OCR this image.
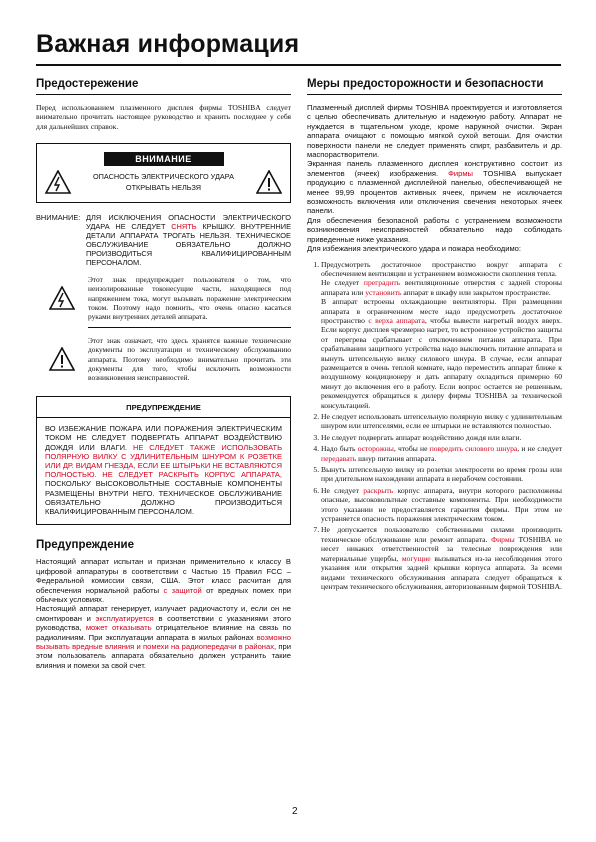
Важная информация
Предостережение

Перед использованием плазменного дисплея фирмы TOSHIBA следует внимательно прочитать настоящее руководство и хранить последнее у себя для дальнейших справок.

ВНИМАНИЕ
ОПАСНОСТЬ ЭЛЕКТРИЧЕСКОГО УДАРА
ОТКРЫВАТЬ НЕЛЬЗЯ
ВНИМАНИЕ: ДЛЯ ИСКЛЮЧЕНИЯ ОПАСНОСТИ ЭЛЕКТРИЧЕСКОГО УДАРА НЕ СЛЕДУЕТ СНЯТЬ КРЫШКУ. ВНУТРЕННИЕ ДЕТАЛИ АППАРАТА ТРОГАТЬ НЕЛЬЗЯ. ТЕХНИЧЕСКОЕ ОБСЛУЖИВАНИЕ ОБЯЗАТЕЛЬНО ДОЛЖНО ПРОИЗВОДИТЬСЯ КВАЛИФИЦИРОВАННЫМ ПЕРСОНАЛОМ.
Этот знак предупреждает пользователя о том, что неизолированные токонесущие части, находящиеся под напряжением тока, могут вызывать поражение электрическим током. Поэтому надо помнить, что очень опасно касаться руками внутренних деталей аппарата.
Этот знак означает, что здесь хранятся важные технические документы по эксплуатации и техническому обслуживанию аппарата. Поэтому необходимо внимательно прочитать эти документы для того, чтобы исключить возможности возникновения неисправностей.
ПРЕДУПРЕЖДЕНИЕ
ВО ИЗБЕЖАНИЕ ПОЖАРА ИЛИ ПОРАЖЕНИЯ ЭЛЕКТРИЧЕСКИМ ТОКОМ НЕ СЛЕДУЕТ ПОДВЕРГАТЬ АППАРАТ ВОЗДЕЙСТВИЮ ДОЖДЯ ИЛИ ВЛАГИ. НЕ СЛЕДУЕТ ТАКЖЕ ИСПОЛЬЗОВАТЬ ПОЛЯРНУЮ ВИЛКУ С УДЛИНИТЕЛЬНЫМ ШНУРОМ К РОЗЕТКЕ ИЛИ ДР. ВИДАМ ГНЕЗДА, ЕСЛИ ЕЕ ШТЫРЬКИ НЕ ВСТАВЛЯЮТСЯ ПОЛНОСТЬЮ. НЕ СЛЕДУЕТ РАСКРЫТЬ КОРПУС АППАРАТА, ПОСКОЛЬКУ ВЫСОКОВОЛЬТНЫЕ СОСТАВНЫЕ КОМПОНЕНТЫ РАЗМЕЩЕНЫ ВНУТРИ НЕГО. ТЕХНИЧЕСКОЕ ОБСЛУЖИВАНИЕ ОБЯЗАТЕЛЬНО ДОЛЖНО ПРОИЗВОДИТЬСЯ КВАЛИФИЦИРОВАННЫМ ПЕРСОНАЛОМ.
Предупреждение

Настоящий аппарат испытан и признан применительно к классу B цифровой аппаратуры в соответствии с Частью 15 Правил FCC – Федеральной комиссии связи, США. Этот класс расчитан для обеспечения нормальной работы с защитой от вредных помех при обычных условиях.

Настоящий аппарат генерирует, излучает радиочастоту и, если он не смонтирован и эксплуатируется в соответствии с указаниями этого руководства, может отказывать отрицательное влияние на связь по радиолиниям. При эксплуатации аппарата в жилых районах возможно вызывать вредные влияния и помехи на радиопередачи в районах, при этом пользователь аппарата обязательно должен устранить такие влияния и помехи за свой счет.

Меры предосторожности и безопасности

Плазменный дисплей фирмы TOSHIBA проектируется и изготовляется с целью обеспечивать длительную и надежную работу. Аппарат не нуждается в тщательном уходе, кроме наружной очистки. Экран аппарата очищают с помощью мягкой сухой ветоши. Для очистки поверхности панели не следует применять спирт, разбавитель и др. маспорастворители.

Экранная панель плазменного дисплея конструктивно состоит из элементов (ячеек) изображения. Фирмы TOSHIBA выпускает продукцию с плазменной дисплейной панелью, обеспечивающей не менее 99,99 процентов активных ячеек, причем не исключается возможность включения или отключения свечения некоторых ячеек панели.

Для обеспечения безопасной работы с устранением возможности возникновения неисправностей обязательно надо соблюдать приведенные ниже указания.

Для избежания электрического удара и пожара необходимо:

1. Предусмотреть достаточное пространство вокруг аппарата с обеспечением вентиляции и устранением возможности скопления тепла.
Не следует преградить вентиляционные отверстия с задней стороны аппарата или установить аппарат в шкафу или закрытом пространстве.
В аппарат встроены охлаждающие вентиляторы. При размещении аппарата в ограниченном месте надо предусмотреть достаточное пространство с верха аппарата, чтобы вывести нагретый воздух вверх. Если корпус дисплея чрезмерно нагрет, то встроенное устройство защиты от перегрева срабатывает с отключением питания аппарата. При срабатывании защитного устройства надо выключить питание аппарата и вынуть штепсельную вилку силового шнура. В случае, если аппарат размещается в очень теплой комнате, надо переместить аппарат ближе к воздушному кондиционеру и дать аппарату охладиться примерно 60 минут до включения его в работу. Если вопрос остается не решенным, рекомендуется обращаться к дилеру фирмы TOSHIBA за технической консультацией.
2. Не следует использовать штепсельную полярную вилку с удлинительным шнуром или штепселями, если ее штырьки не вставляются полностью.
3. Не следует подвергать аппарат воздействию дождя или влаги.
4. Надо быть осторожны, чтобы не повредить силового шнура, и не следует передавать шнур питания аппарата.
5. Вынуть штепсельную вилку из розетки электросети во время грозы или при длительном нахождении аппарата в нерабочем состоянии.
6. Не следует раскрыть корпус аппарата, внутри которого расположены опасные, высоковольтные составные компоненты. При необходимости этого указании не предоставляется гарантия фирмы. При этом не устраняется опасность поражения электрическим током.
7. Не допускается пользователю собственными силами производить техническое обслуживание или ремонт аппарата. Фирмы TOSHIBA не несет никаких ответственностей за телесные повреждения или материальные ущербы, могущие вызываться из-за несоблюдения этого указания или открытия задней крышки корпуса аппарата. За всеми видами технического обслуживания аппарата следует обращаться к центрам технического обслуживания, авторизованным фирмой TOSHIBA.
2
